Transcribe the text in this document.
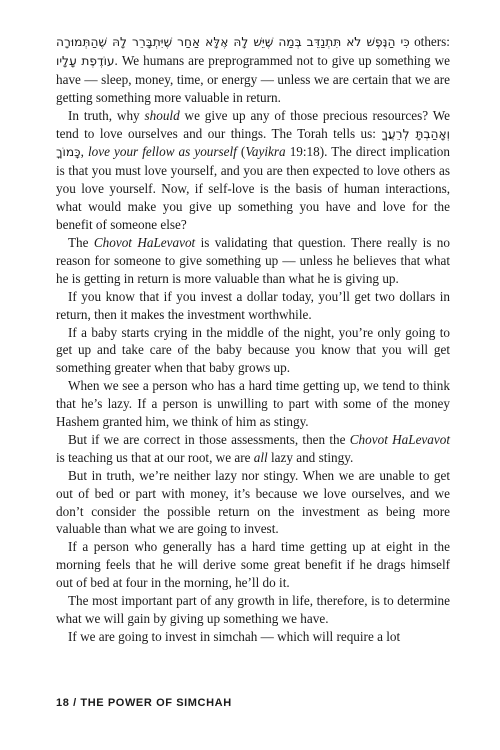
כִּי הַנֶּפֶשׁ לֹא תִּתְנַדֵּב בְּמַה שֶּׁיֵּשׁ לָהּ אֶלָּא אַחַר שֶׁיִּתְבָּרֵר לָהּ שֶׁהַתְּמוּרָה others: עוֹדֶפֶת עָלָיו. We humans are preprogrammed not to give up something we have — sleep, money, time, or energy — unless we are certain that we are getting something more valuable in return.

In truth, why should we give up any of those precious resources? We tend to love ourselves and our things. The Torah tells us: וְאָהַבְתָּ לְרֵעֲךָ כָּמוֹךָ, love your fellow as yourself (Vayikra 19:18). The direct implication is that you must love yourself, and you are then expected to love others as you love yourself. Now, if self-love is the basis of human interactions, what would make you give up something you have and love for the benefit of someone else?

The Chovot HaLevavot is validating that question. There really is no reason for someone to give something up — unless he believes that what he is getting in return is more valuable than what he is giving up.

If you know that if you invest a dollar today, you’ll get two dollars in return, then it makes the investment worthwhile.

If a baby starts crying in the middle of the night, you’re only going to get up and take care of the baby because you know that you will get something greater when that baby grows up.

When we see a person who has a hard time getting up, we tend to think that he’s lazy. If a person is unwilling to part with some of the money Hashem granted him, we think of him as stingy.

But if we are correct in those assessments, then the Chovot HaLevavot is teaching us that at our root, we are all lazy and stingy.

But in truth, we’re neither lazy nor stingy. When we are unable to get out of bed or part with money, it’s because we love ourselves, and we don’t consider the possible return on the investment as being more valuable than what we are going to invest.

If a person who generally has a hard time getting up at eight in the morning feels that he will derive some great benefit if he drags himself out of bed at four in the morning, he’ll do it.

The most important part of any growth in life, therefore, is to determine what we will gain by giving up something we have.

If we are going to invest in simchah — which will require a lot

18 / THE POWER OF SIMCHAH
